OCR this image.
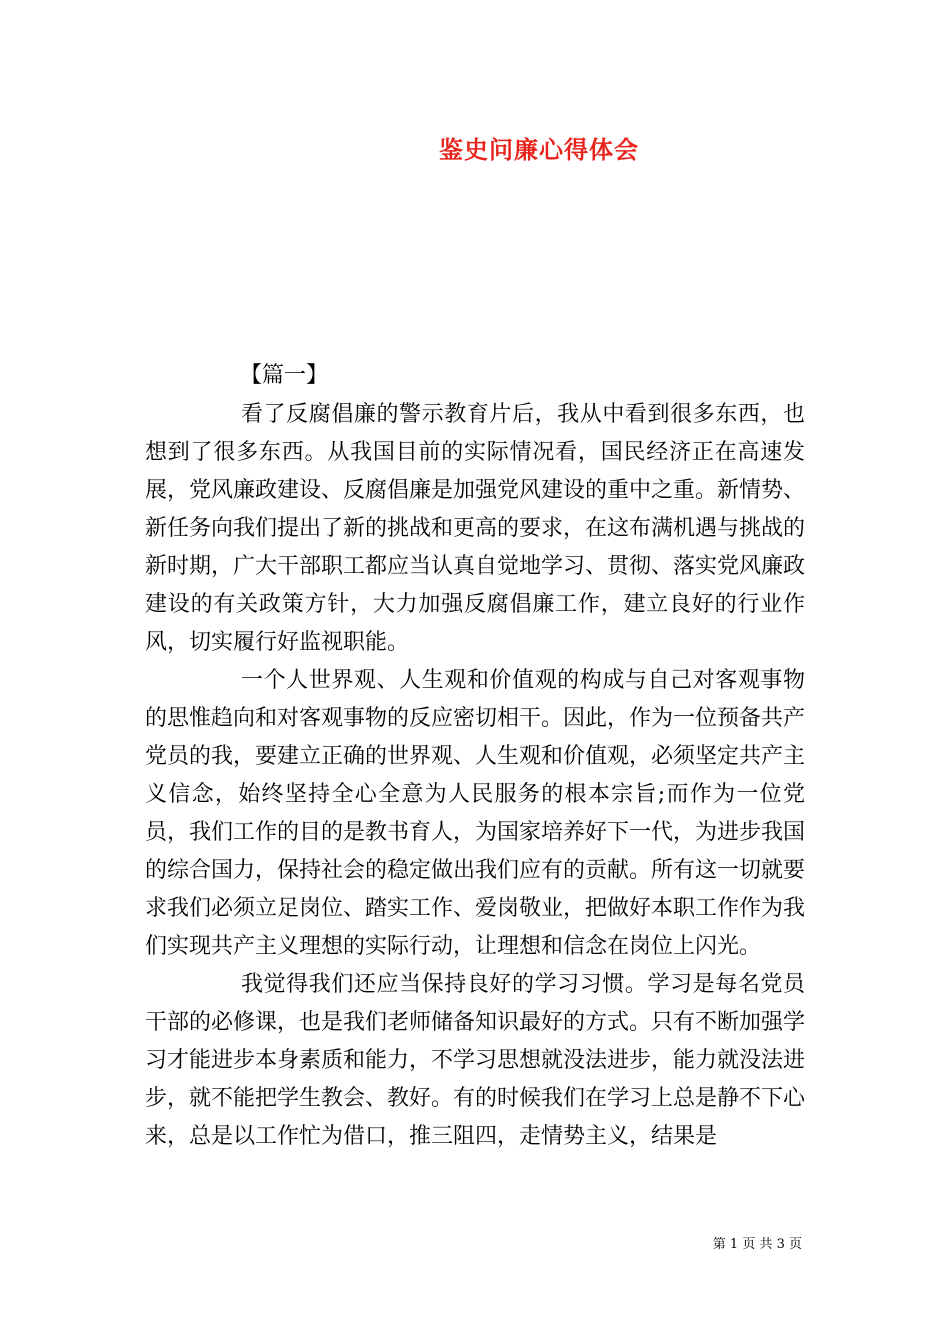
鉴史问廉心得体会
【篇一】

看了反腐倡廉的警示教育片后，我从中看到很多东西，也想到了很多东西。从我国目前的实际情况看，国民经济正在高速发展，党风廉政建设、反腐倡廉是加强党风建设的重中之重。新情势、新任务向我们提出了新的挑战和更高的要求，在这布满机遇与挑战的新时期，广大干部职工都应当认真自觉地学习、贯彻、落实党风廉政建设的有关政策方针，大力加强反腐倡廉工作，建立良好的行业作风，切实履行好监视职能。

一个人世界观、人生观和价值观的构成与自己对客观事物的思惟趋向和对客观事物的反应密切相干。因此，作为一位预备共产党员的我，要建立正确的世界观、人生观和价值观，必须坚定共产主义信念，始终坚持全心全意为人民服务的根本宗旨;而作为一位党员，我们工作的目的是教书育人，为国家培养好下一代，为进步我国的综合国力，保持社会的稳定做出我们应有的贡献。所有这一切就要求我们必须立足岗位、踏实工作、爱岗敬业，把做好本职工作作为我们实现共产主义理想的实际行动，让理想和信念在岗位上闪光。

我觉得我们还应当保持良好的学习习惯。学习是每名党员干部的必修课，也是我们老师储备知识最好的方式。只有不断加强学习才能进步本身素质和能力，不学习思想就没法进步，能力就没法进步，就不能把学生教会、教好。有的时候我们在学习上总是静不下心来，总是以工作忙为借口，推三阻四，走情势主义，结果是

第 1 页 共 3 页
